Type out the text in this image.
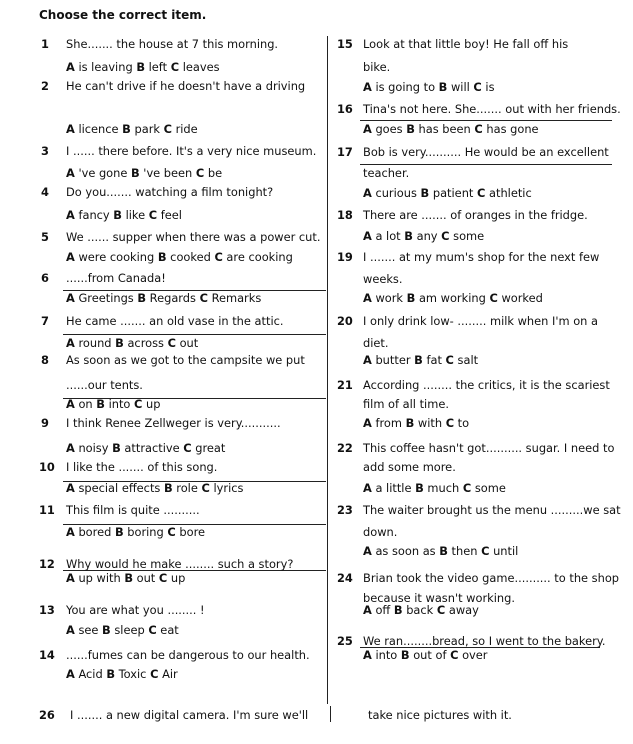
Choose the correct item.
1 She....... the house at 7 this morning.
A is leaving B left C leaves
2 He can't drive if he doesn't have a driving
A licence B park C ride
3 I ...... there before. It's a very nice museum.
A 've gone B 've been C be
4 Do you....... watching a film tonight?
A fancy B like C feel
5 We ...... supper when there was a power cut.
A were cooking B cooked C are cooking
6 ......from Canada!
A Greetings B Regards C Remarks
7 He came ....... an old vase in the attic.
A round B across C out
8 As soon as we got to the campsite we put
......our tents.
A on B into C up
9 I think Renee Zellweger is very...........
A noisy B attractive C great
10 I like the ....... of this song.
A special effects B role C lyrics
11 This film is quite ..........
A bored B boring C bore
12 Why would he make ........ such a story?
A up with B out C up
13 You are what you ........ !
A see B sleep C eat
14 ......fumes can be dangerous to our health.
A Acid B Toxic C Air
15 Look at that little boy! He fall off his
bike.
A is going to B will C is
16 Tina's not here. She....... out with her friends.
A goes B has been C has gone
17 Bob is very.......... He would be an excellent
teacher.
A curious B patient C athletic
18 There are ....... of oranges in the fridge.
A a lot B any C some
19 I ....... at my mum's shop for the next few
weeks.
A work B am working C worked
20 I only drink low- ........ milk when I'm on a
diet.
A butter B fat C salt
21 According ........ the critics, it is the scariest
film of all time.
A from B with C to
22 This coffee hasn't got.......... sugar. I need to
add some more.
A a little B much C some
23 The waiter brought us the menu .........we sat
down.
A as soon as B then C until
24 Brian took the video game.......... to the shop
because it wasn't working.
A off B back C away
25 We ran........bread, so I went to the bakery.
A into B out of C over
26 I ....... a new digital camera. I'm sure we'll	take nice pictures with it.
